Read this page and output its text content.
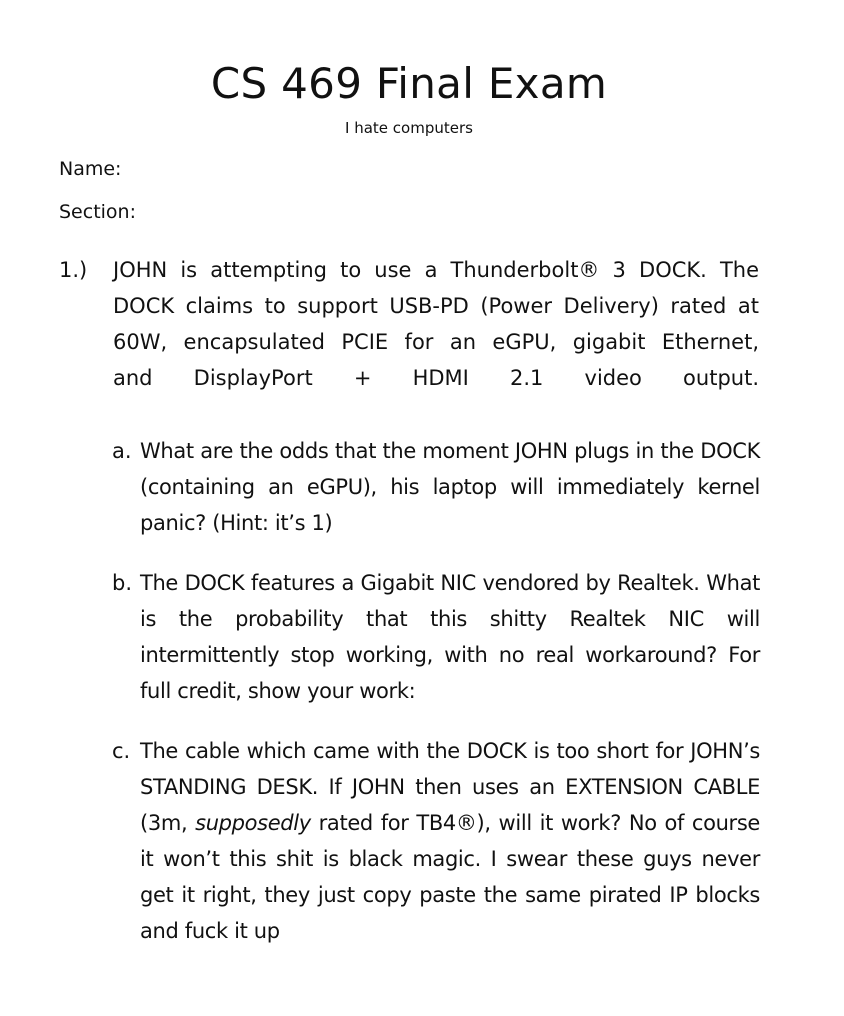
CS 469 Final Exam
I hate computers
Name:
Section:
1.) JOHN is attempting to use a Thunderbolt® 3 DOCK. The DOCK claims to support USB-PD (Power Delivery) rated at 60W, encapsulated PCIE for an eGPU, gigabit Ethernet, and DisplayPort + HDMI 2.1 video output.
a. What are the odds that the moment JOHN plugs in the DOCK (containing an eGPU), his laptop will immediately kernel panic? (Hint: it’s 1)
b. The DOCK features a Gigabit NIC vendored by Realtek. What is the probability that this shitty Realtek NIC will intermittently stop working, with no real workaround? For full credit, show your work:
c. The cable which came with the DOCK is too short for JOHN’s STANDING DESK. If JOHN then uses an EXTENSION CABLE (3m, supposedly rated for TB4®), will it work? No of course it won’t this shit is black magic. I swear these guys never get it right, they just copy paste the same pirated IP blocks and fuck it up
